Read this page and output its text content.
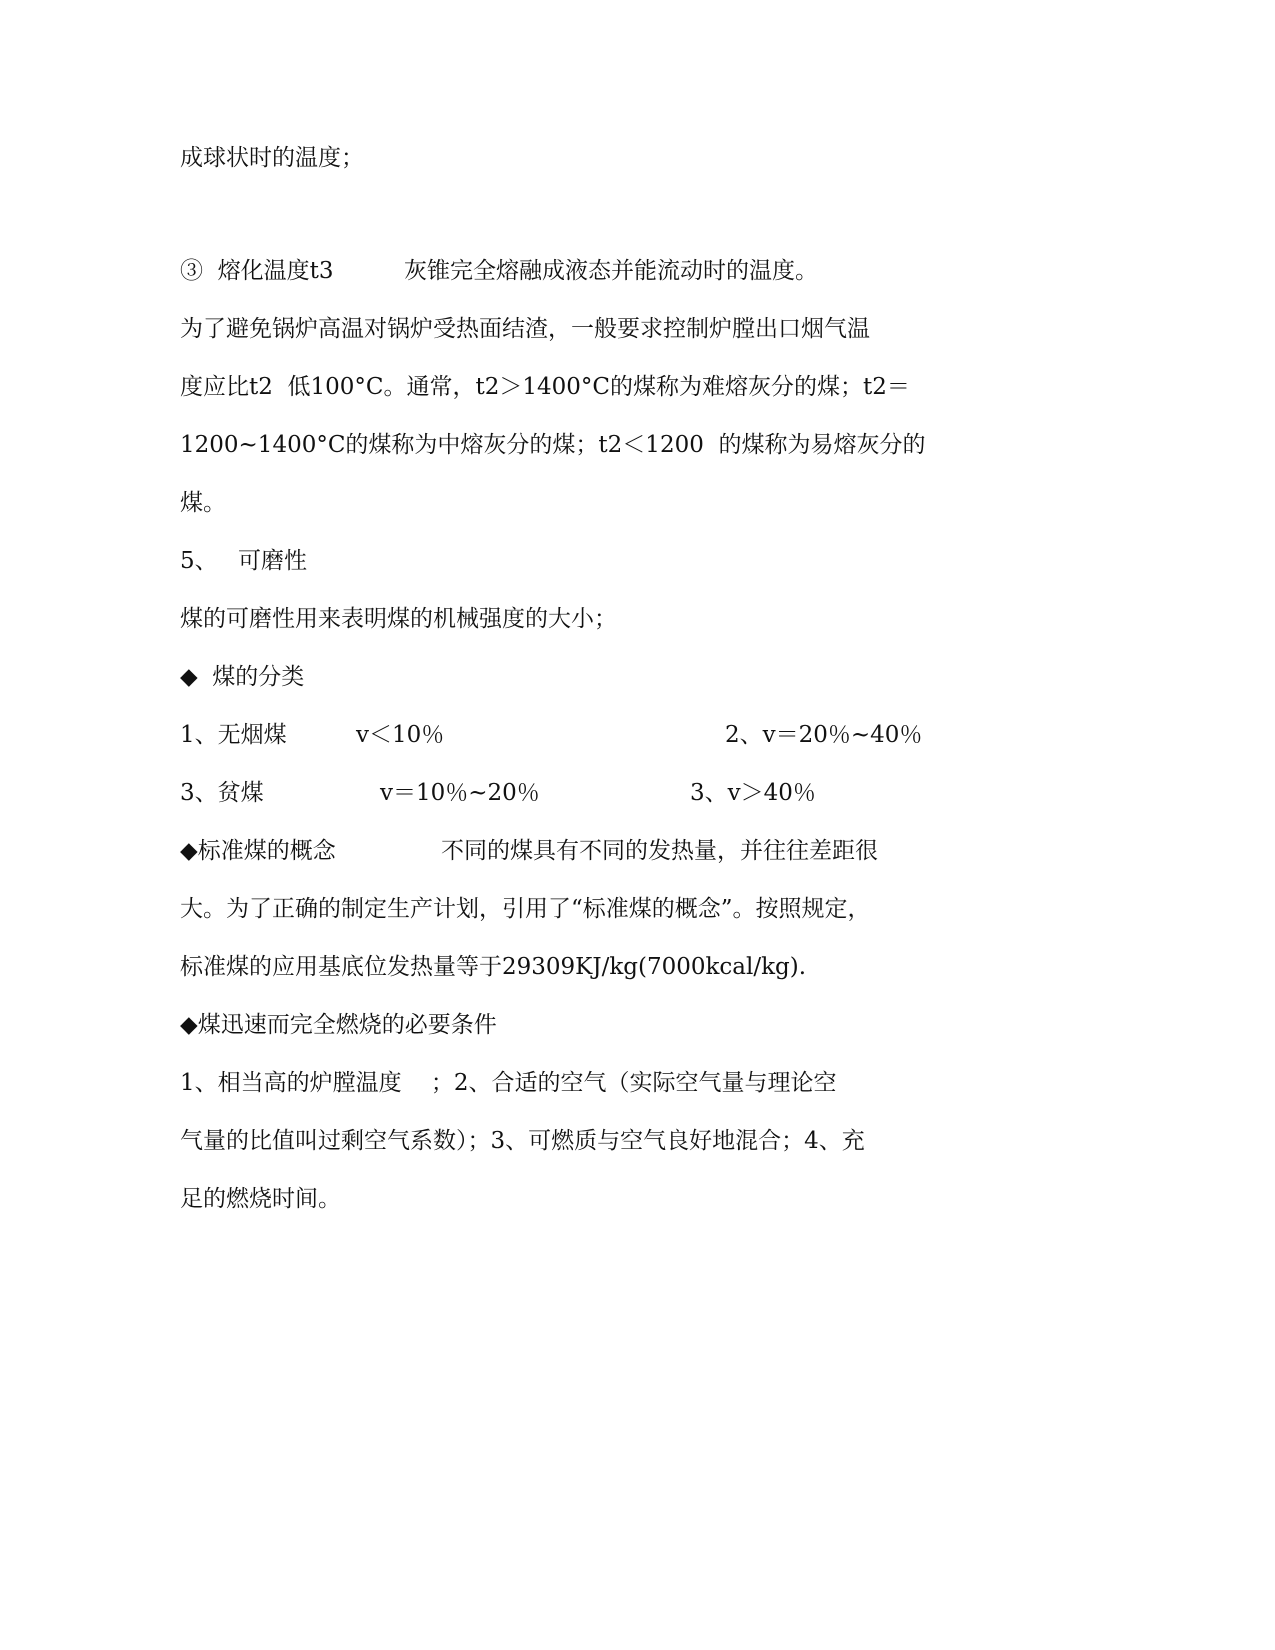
成球状时的温度；
③  熔化温度t3	灰锥完全熔融成液态并能流动时的温度。
为了避免锅炉高温对锅炉受热面结渣，一般要求控制炉膛出口烟气温
度应比t2  低100°C。通常，t2＞1400°C的煤称为难熔灰分的煤；t2＝
1200~1400°C的煤称为中熔灰分的煤；t2＜1200  的煤称为易熔灰分的
煤。
5、 可磨性
煤的可磨性用来表明煤的机械强度的大小；
◆  煤的分类
1、无烟煤	v＜10％	2、v＝20％~40％
3、贫煤	v＝10％~20％	3、v＞40％
◆标准煤的概念	不同的煤具有不同的发热量，并往往差距很
大。为了正确的制定生产计划，引用了“标准煤的概念”。按照规定，
标准煤的应用基底位发热量等于29309KJ/kg(7000kcal/kg).
◆煤迅速而完全燃烧的必要条件
1、相当高的炉膛温度    ；2、合适的空气（实际空气量与理论空
气量的比值叫过剩空气系数）；3、可燃质与空气良好地混合；4、充
足的燃烧时间。
